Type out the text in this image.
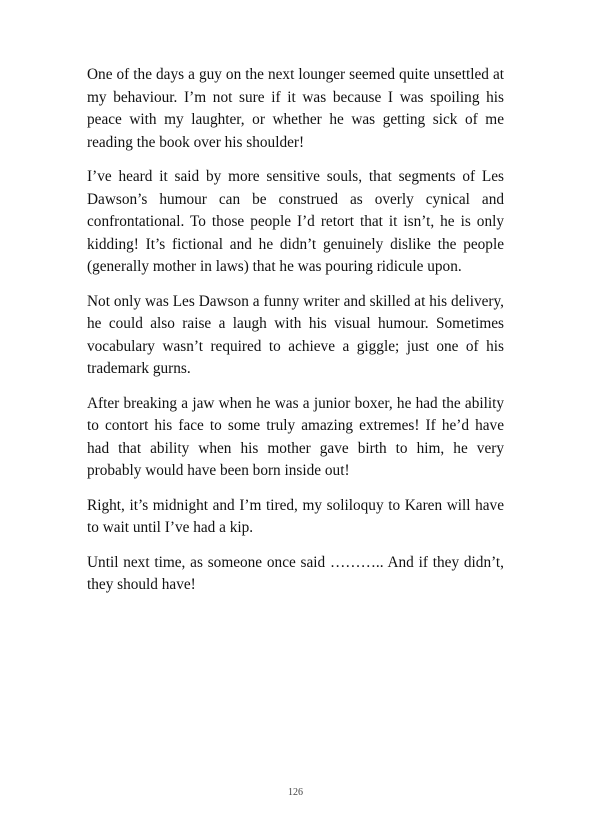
One of the days a guy on the next lounger seemed quite unsettled at my behaviour. I’m not sure if it was because I was spoiling his peace with my laughter, or whether he was getting sick of me reading the book over his shoulder!

I’ve heard it said by more sensitive souls, that segments of Les Dawson’s humour can be construed as overly cynical and confrontational. To those people I’d retort that it isn’t, he is only kidding! It’s fictional and he didn’t genuinely dislike the people (generally mother in laws) that he was pouring ridicule upon.

Not only was Les Dawson a funny writer and skilled at his delivery, he could also raise a laugh with his visual humour. Sometimes vocabulary wasn’t required to achieve a giggle; just one of his trademark gurns.

After breaking a jaw when he was a junior boxer, he had the ability to contort his face to some truly amazing extremes! If he’d have had that ability when his mother gave birth to him, he very probably would have been born inside out!

Right, it’s midnight and I’m tired, my soliloquy to Karen will have to wait until I’ve had a kip.

Until next time, as someone once said ……….. And if they didn’t, they should have!

126
